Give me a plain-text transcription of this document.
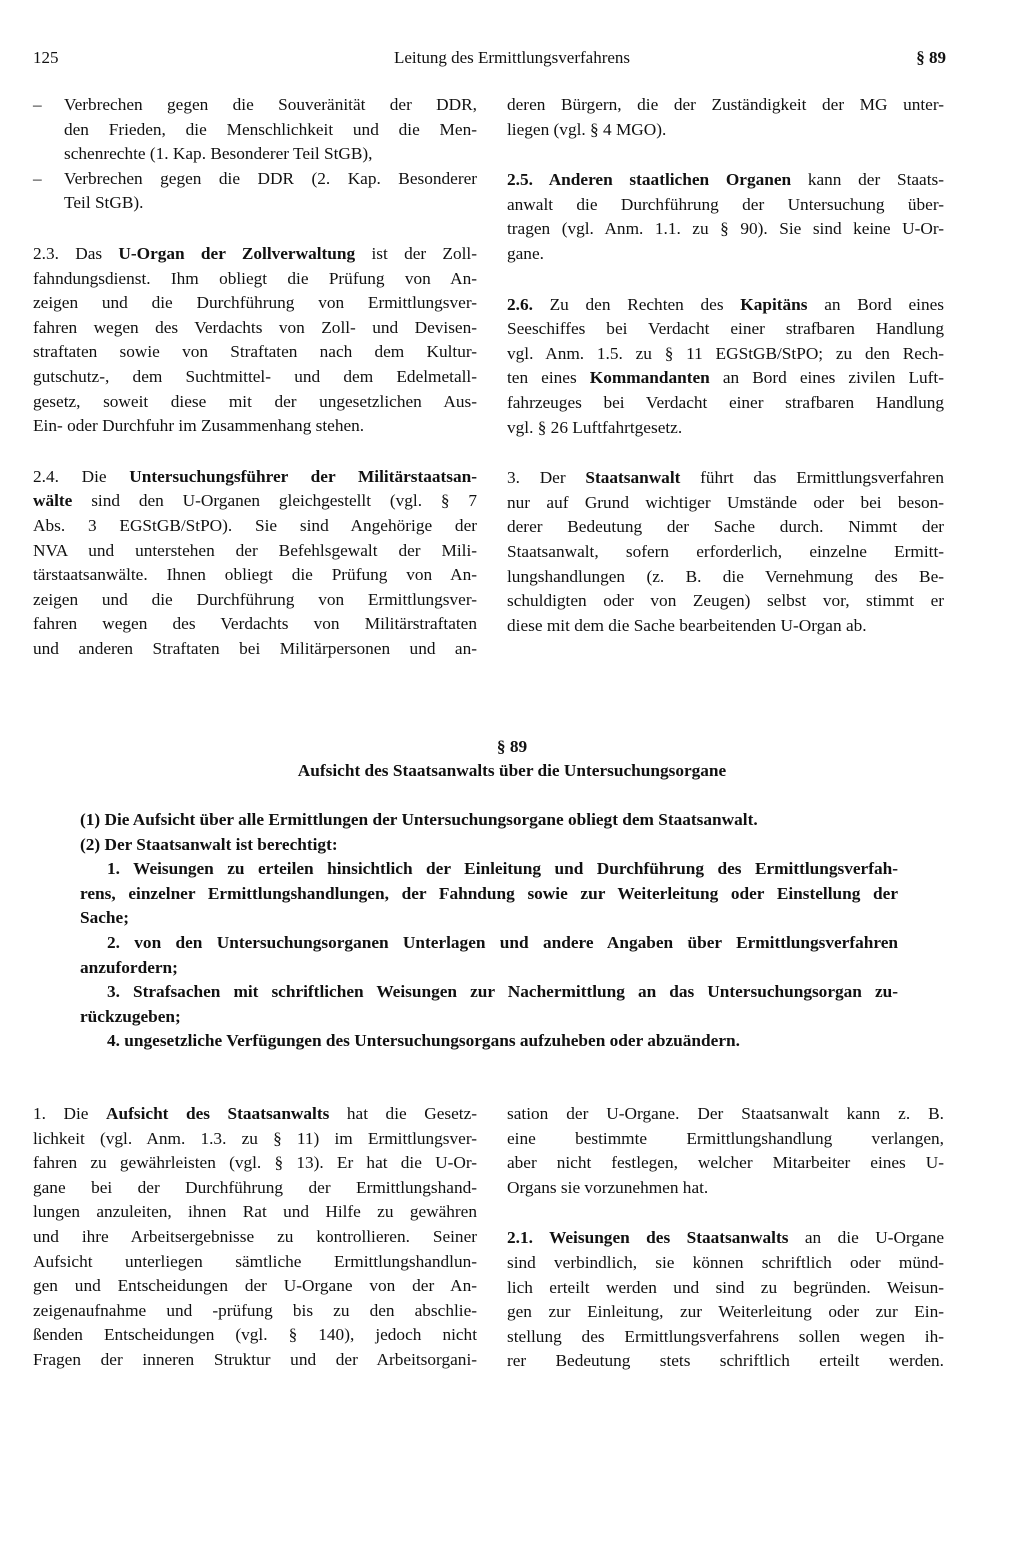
125	Leitung des Ermittlungsverfahrens	§ 89
– Verbrechen gegen die Souveränität der DDR,

den Frieden, die Menschlichkeit und die Men-

schenrechte (1. Kap. Besonderer Teil StGB),

– Verbrechen gegen die DDR (2. Kap. Besonderer

Teil StGB).

2.3. Das U-Organ der Zollverwaltung ist der Zoll-

fahndungsdienst. Ihm obliegt die Prüfung von An-

zeigen und die Durchführung von Ermittlungsver-

fahren wegen des Verdachts von Zoll- und Devisen-

straftaten sowie von Straftaten nach dem Kultur-

gutschutz-, dem Suchtmittel- und dem Edelmetall-

gesetz, soweit diese mit der ungesetzlichen Aus-

Ein- oder Durchfuhr im Zusammenhang stehen.

2.4. Die Untersuchungsführer der Militärstaatsan-

wälte sind den U-Organen gleichgestellt (vgl. § 7

Abs. 3 EGStGB/StPO). Sie sind Angehörige der

NVA und unterstehen der Befehlsgewalt der Mili-

tärstaatsanwälte. Ihnen obliegt die Prüfung von An-

zeigen und die Durchführung von Ermittlungsver-

fahren wegen des Verdachts von Militärstraftaten

und anderen Straftaten bei Militärpersonen und an-

deren Bürgern, die der Zuständigkeit der MG unter-

liegen (vgl. § 4 MGO).

2.5. Anderen staatlichen Organen kann der Staats-

anwalt die Durchführung der Untersuchung über-

tragen (vgl. Anm. 1.1. zu § 90). Sie sind keine U-Or-

gane.

2.6. Zu den Rechten des Kapitäns an Bord eines

Seeschiffes bei Verdacht einer strafbaren Handlung

vgl. Anm. 1.5. zu § 11 EGStGB/StPO; zu den Rech-

ten eines Kommandanten an Bord eines zivilen Luft-

fahrzeuges bei Verdacht einer strafbaren Handlung

vgl. § 26 Luftfahrtgesetz.

3. Der Staatsanwalt führt das Ermittlungsverfahren

nur auf Grund wichtiger Umstände oder bei beson-

derer Bedeutung der Sache durch. Nimmt der

Staatsanwalt, sofern erforderlich, einzelne Ermitt-

lungshandlungen (z. B. die Vernehmung des Be-

schuldigten oder von Zeugen) selbst vor, stimmt er

diese mit dem die Sache bearbeitenden U-Organ ab.

§ 89
Aufsicht des Staatsanwalts über die Untersuchungsorgane

(1) Die Aufsicht über alle Ermittlungen der Untersuchungsorgane obliegt dem Staatsanwalt.

(2) Der Staatsanwalt ist berechtigt:

1. Weisungen zu erteilen hinsichtlich der Einleitung und Durchführung des Ermittlungsverfah-

rens, einzelner Ermittlungshandlungen, der Fahndung sowie zur Weiterleitung oder Einstellung der

Sache;

2. von den Untersuchungsorganen Unterlagen und andere Angaben über Ermittlungsverfahren

anzufordern;

3. Strafsachen mit schriftlichen Weisungen zur Nachermittlung an das Untersuchungsorgan zu-

rückzugeben;

4. ungesetzliche Verfügungen des Untersuchungsorgans aufzuheben oder abzuändern.

1. Die Aufsicht des Staatsanwalts hat die Gesetz-

lichkeit (vgl. Anm. 1.3. zu § 11) im Ermittlungsver-

fahren zu gewährleisten (vgl. § 13). Er hat die U-Or-

gane bei der Durchführung der Ermittlungshand-

lungen anzuleiten, ihnen Rat und Hilfe zu gewähren

und ihre Arbeitsergebnisse zu kontrollieren. Seiner

Aufsicht unterliegen sämtliche Ermittlungshandlun-

gen und Entscheidungen der U-Organe von der An-

zeigenaufnahme und -prüfung bis zu den abschlie-

ßenden Entscheidungen (vgl. § 140), jedoch nicht

Fragen der inneren Struktur und der Arbeitsorgani-

sation der U-Organe. Der Staatsanwalt kann z. B.

eine bestimmte Ermittlungshandlung verlangen,

aber nicht festlegen, welcher Mitarbeiter eines U-

Organs sie vorzunehmen hat.

2.1. Weisungen des Staatsanwalts an die U-Organe

sind verbindlich, sie können schriftlich oder münd-

lich erteilt werden und sind zu begründen. Weisun-

gen zur Einleitung, zur Weiterleitung oder zur Ein-

stellung des Ermittlungsverfahrens sollen wegen ih-

rer Bedeutung stets schriftlich erteilt werden.
